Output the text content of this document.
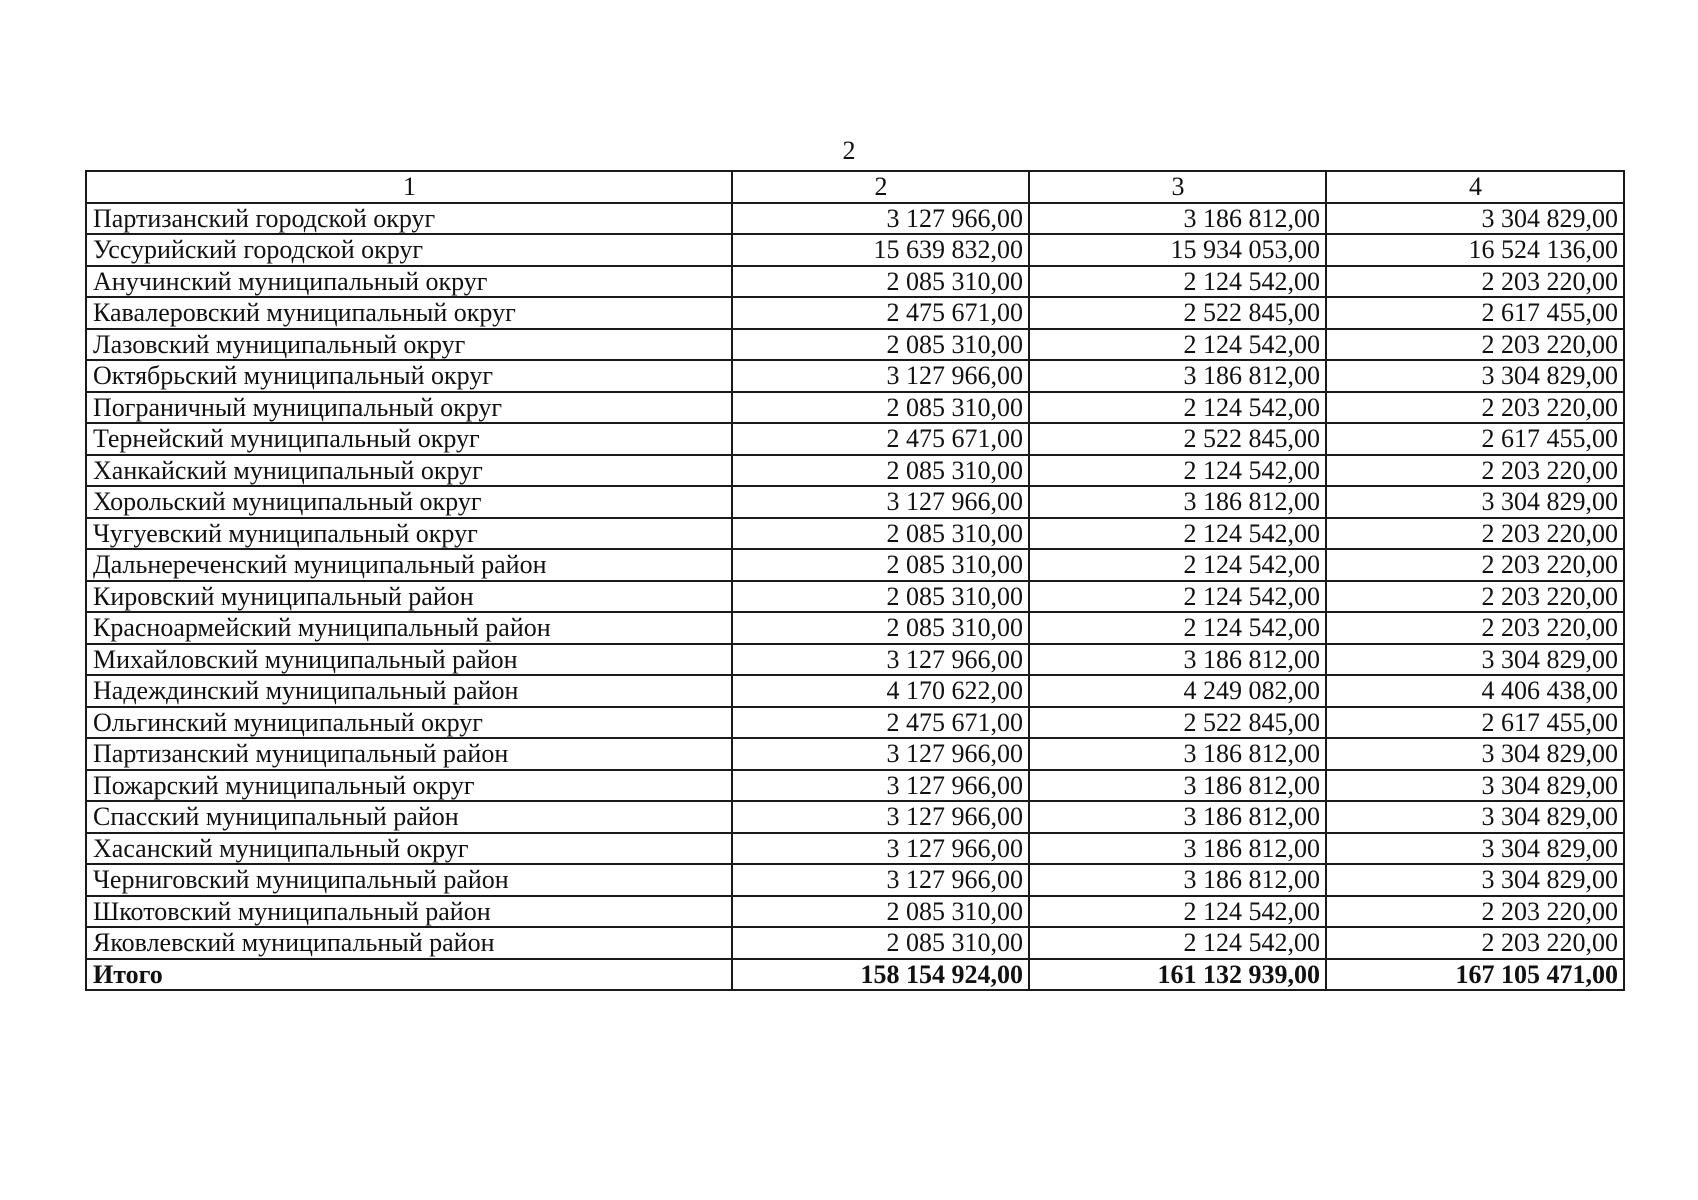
2
1	2	3	4
Партизанский городской округ	3 127 966,00	3 186 812,00	3 304 829,00
Уссурийский городской округ	15 639 832,00	15 934 053,00	16 524 136,00
Анучинский муниципальный округ	2 085 310,00	2 124 542,00	2 203 220,00
Кавалеровский муниципальный округ	2 475 671,00	2 522 845,00	2 617 455,00
Лазовский муниципальный округ	2 085 310,00	2 124 542,00	2 203 220,00
Октябрьский муниципальный округ	3 127 966,00	3 186 812,00	3 304 829,00
Пограничный муниципальный округ	2 085 310,00	2 124 542,00	2 203 220,00
Тернейский муниципальный округ	2 475 671,00	2 522 845,00	2 617 455,00
Ханкайский муниципальный округ	2 085 310,00	2 124 542,00	2 203 220,00
Хорольский муниципальный округ	3 127 966,00	3 186 812,00	3 304 829,00
Чугуевский муниципальный округ	2 085 310,00	2 124 542,00	2 203 220,00
Дальнереченский муниципальный район	2 085 310,00	2 124 542,00	2 203 220,00
Кировский муниципальный район	2 085 310,00	2 124 542,00	2 203 220,00
Красноармейский муниципальный район	2 085 310,00	2 124 542,00	2 203 220,00
Михайловский муниципальный район	3 127 966,00	3 186 812,00	3 304 829,00
Надеждинский муниципальный район	4 170 622,00	4 249 082,00	4 406 438,00
Ольгинский муниципальный округ	2 475 671,00	2 522 845,00	2 617 455,00
Партизанский муниципальный район	3 127 966,00	3 186 812,00	3 304 829,00
Пожарский муниципальный округ	3 127 966,00	3 186 812,00	3 304 829,00
Спасский муниципальный район	3 127 966,00	3 186 812,00	3 304 829,00
Хасанский муниципальный округ	3 127 966,00	3 186 812,00	3 304 829,00
Черниговский муниципальный район	3 127 966,00	3 186 812,00	3 304 829,00
Шкотовский муниципальный район	2 085 310,00	2 124 542,00	2 203 220,00
Яковлевский муниципальный район	2 085 310,00	2 124 542,00	2 203 220,00
Итого	158 154 924,00	161 132 939,00	167 105 471,00
